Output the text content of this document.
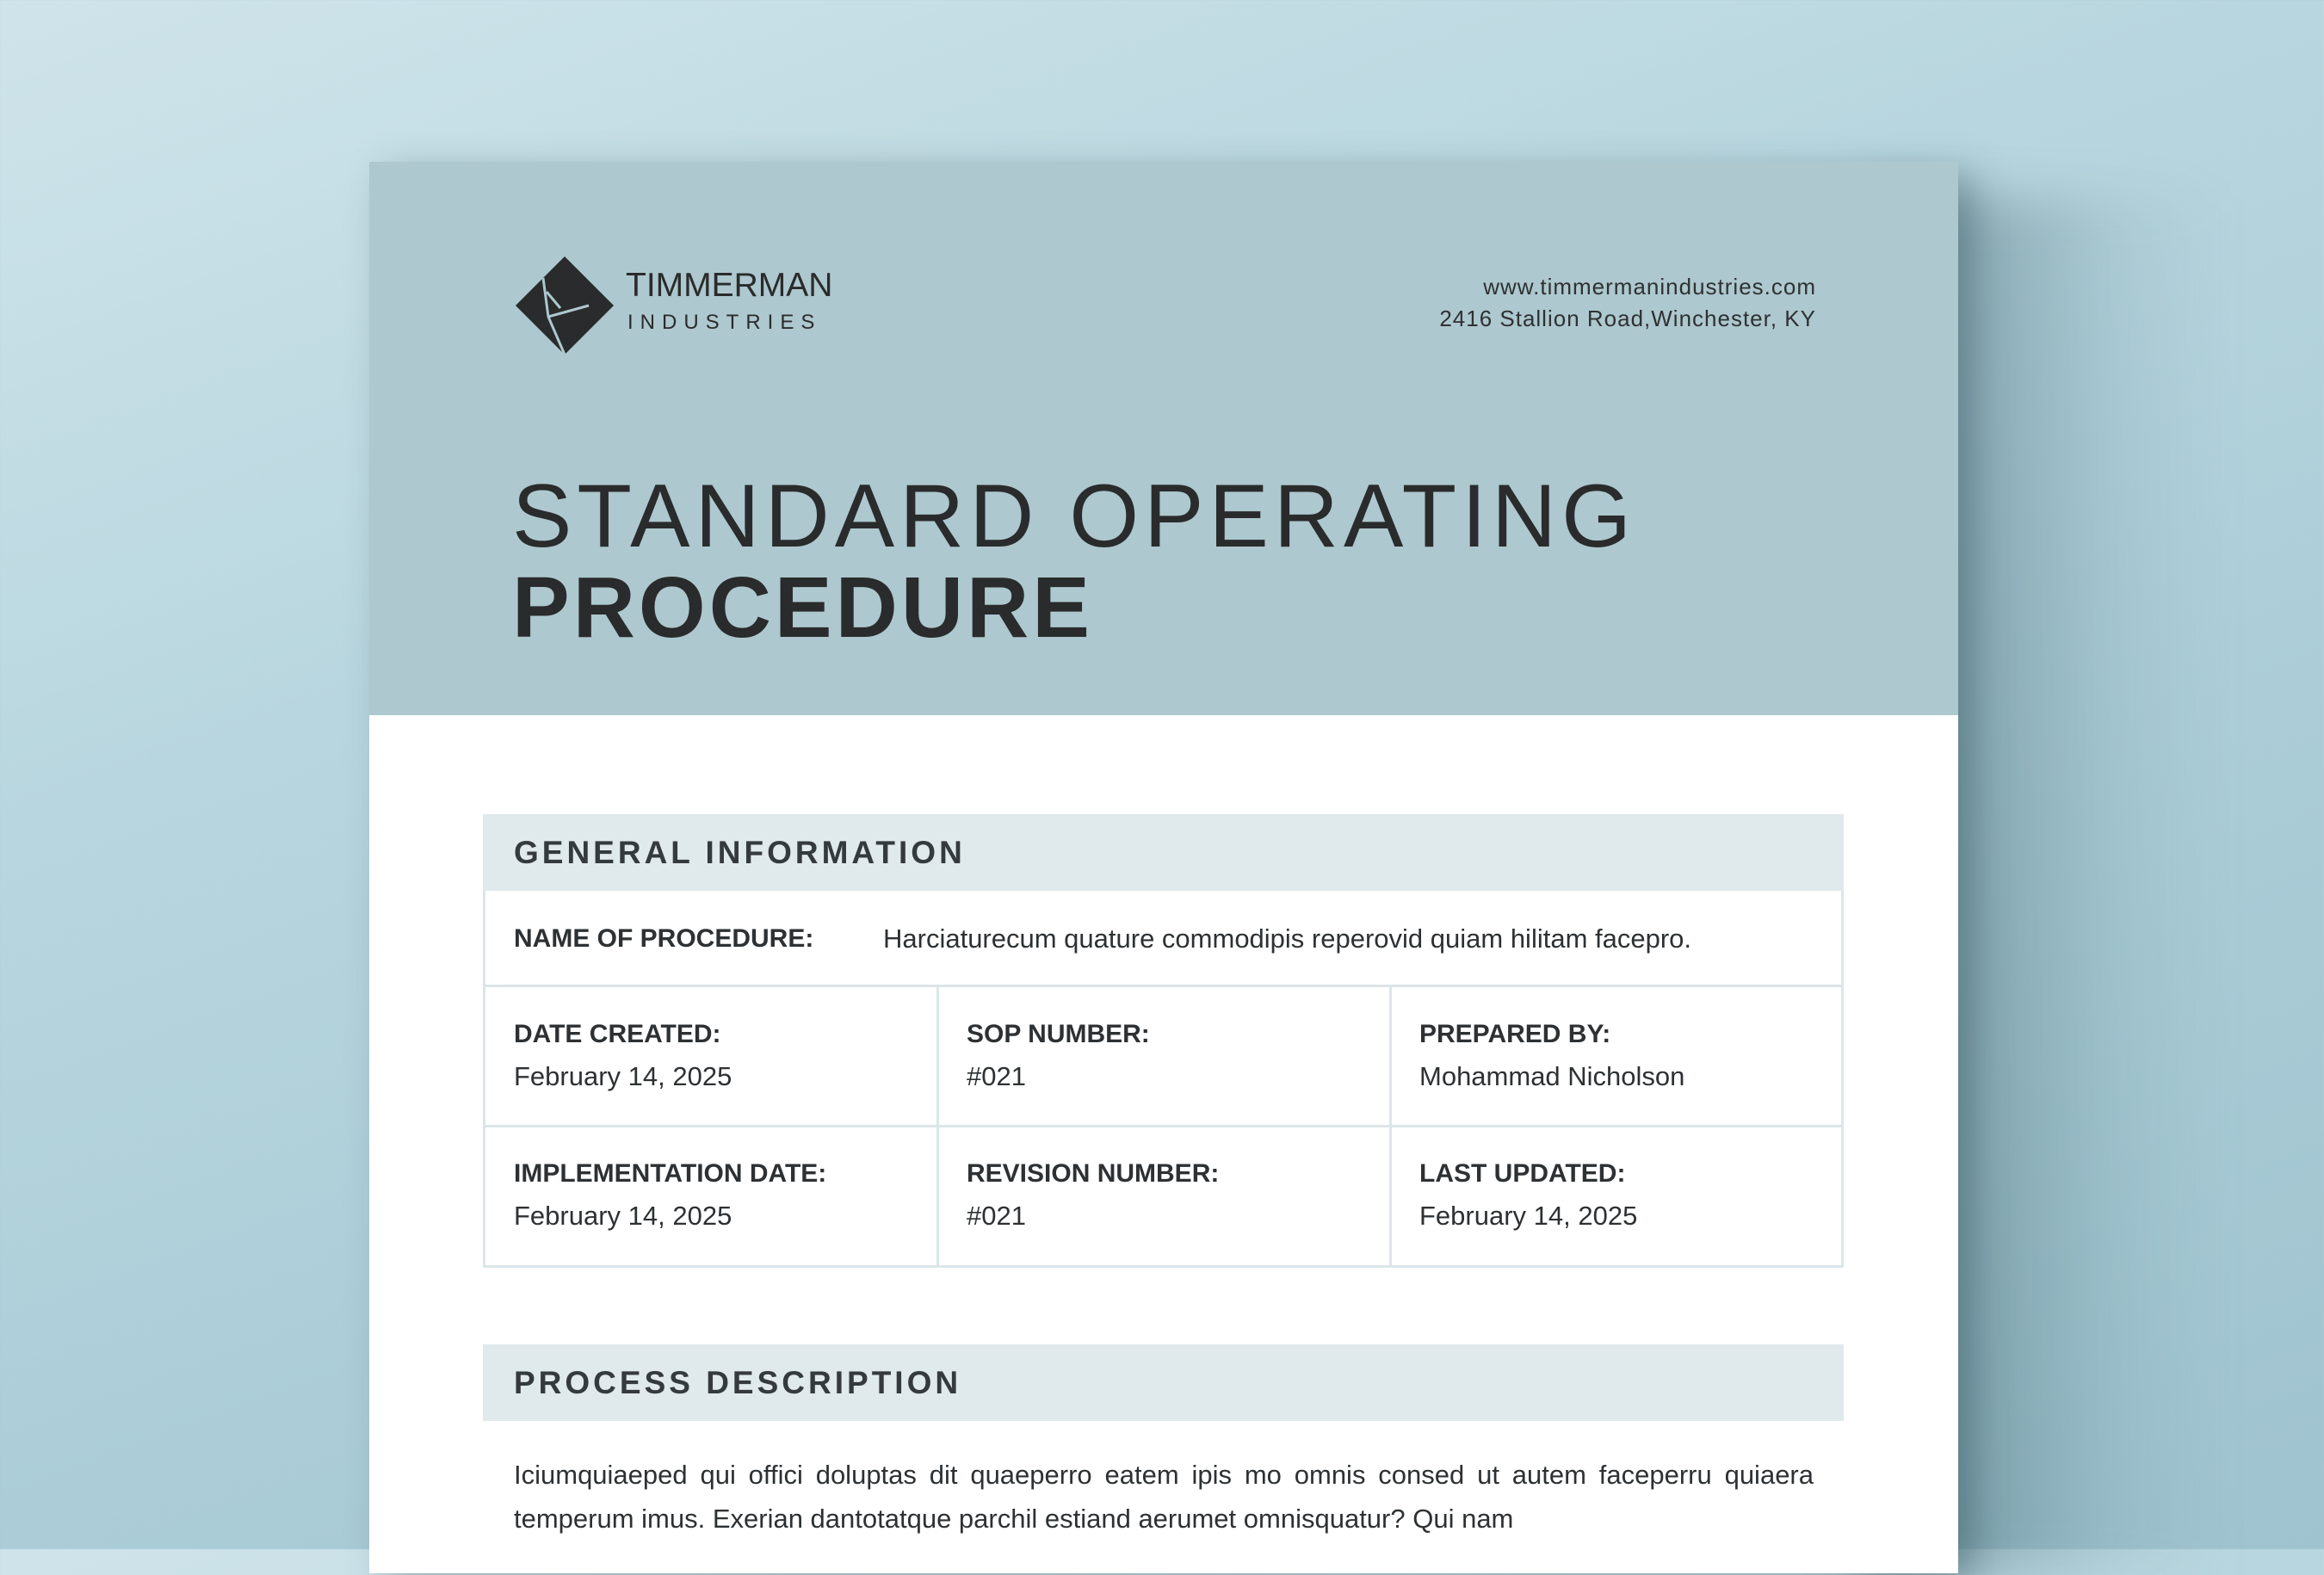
TIMMERMAN
INDUSTRIES
www.timmermanindustries.com
2416 Stallion Road,Winchester, KY
STANDARD OPERATING
PROCEDURE
GENERAL INFORMATION
NAME OF PROCEDURE:	Harciaturecum quature commodipis reperovid quiam hilitam facepro.
DATE CREATED:
February 14, 2025
SOP NUMBER:
#021
PREPARED BY:
Mohammad Nicholson
IMPLEMENTATION DATE:
February 14, 2025
REVISION NUMBER:
#021
LAST UPDATED:
February 14, 2025
PROCESS DESCRIPTION
Iciumquiaeped qui offici doluptas dit quaeperro eatem ipis mo omnis consed ut autem faceperru quiaera temperum imus. Exerian dantotatque parchil estiand aerumet omnisquatur? Qui nam
